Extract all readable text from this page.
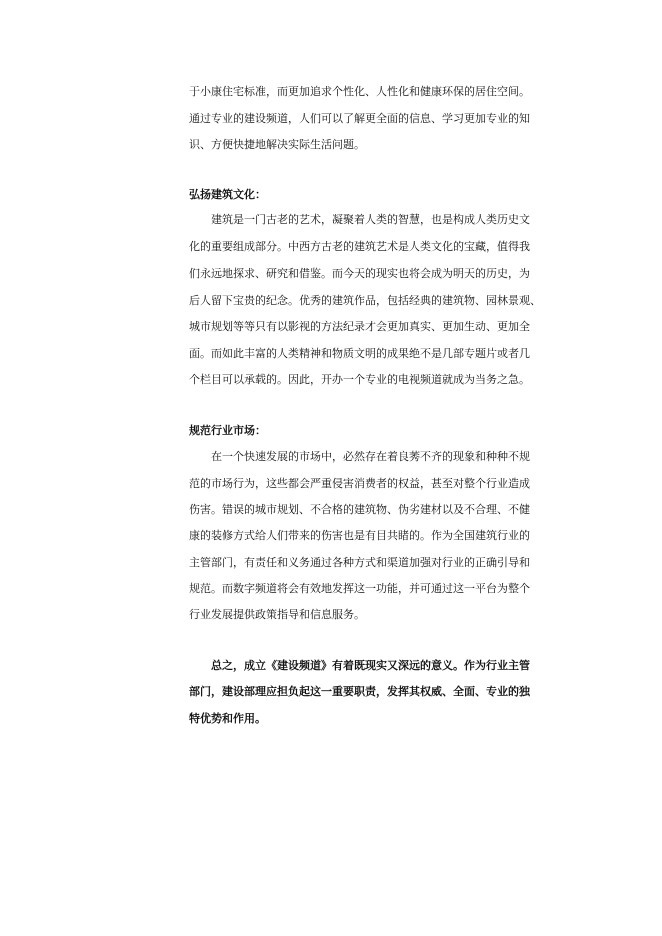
于小康住宅标准，而更加追求个性化、人性化和健康环保的居住空间。
通过专业的建设频道，人们可以了解更全面的信息、学习更加专业的知
识、方便快捷地解决实际生活问题。
弘扬建筑文化：
建筑是一门古老的艺术，凝聚着人类的智慧，也是构成人类历史文
化的重要组成部分。中西方古老的建筑艺术是人类文化的宝藏，值得我
们永远地探求、研究和借鉴。而今天的现实也将会成为明天的历史，为
后人留下宝贵的纪念。优秀的建筑作品，包括经典的建筑物、园林景观、
城市规划等等只有以影视的方法纪录才会更加真实、更加生动、更加全
面。而如此丰富的人类精神和物质文明的成果绝不是几部专题片或者几
个栏目可以承载的。因此，开办一个专业的电视频道就成为当务之急。
规范行业市场：
在一个快速发展的市场中，必然存在着良莠不齐的现象和种种不规
范的市场行为，这些都会严重侵害消费者的权益，甚至对整个行业造成
伤害。错误的城市规划、不合格的建筑物、伪劣建材以及不合理、不健
康的装修方式给人们带来的伤害也是有目共睹的。作为全国建筑行业的
主管部门，有责任和义务通过各种方式和渠道加强对行业的正确引导和
规范。而数字频道将会有效地发挥这一功能，并可通过这一平台为整个
行业发展提供政策指导和信息服务。
总之，成立《建设频道》有着既现实又深远的意义。作为行业主管
部门，建设部理应担负起这一重要职责，发挥其权威、全面、专业的独
特优势和作用。
